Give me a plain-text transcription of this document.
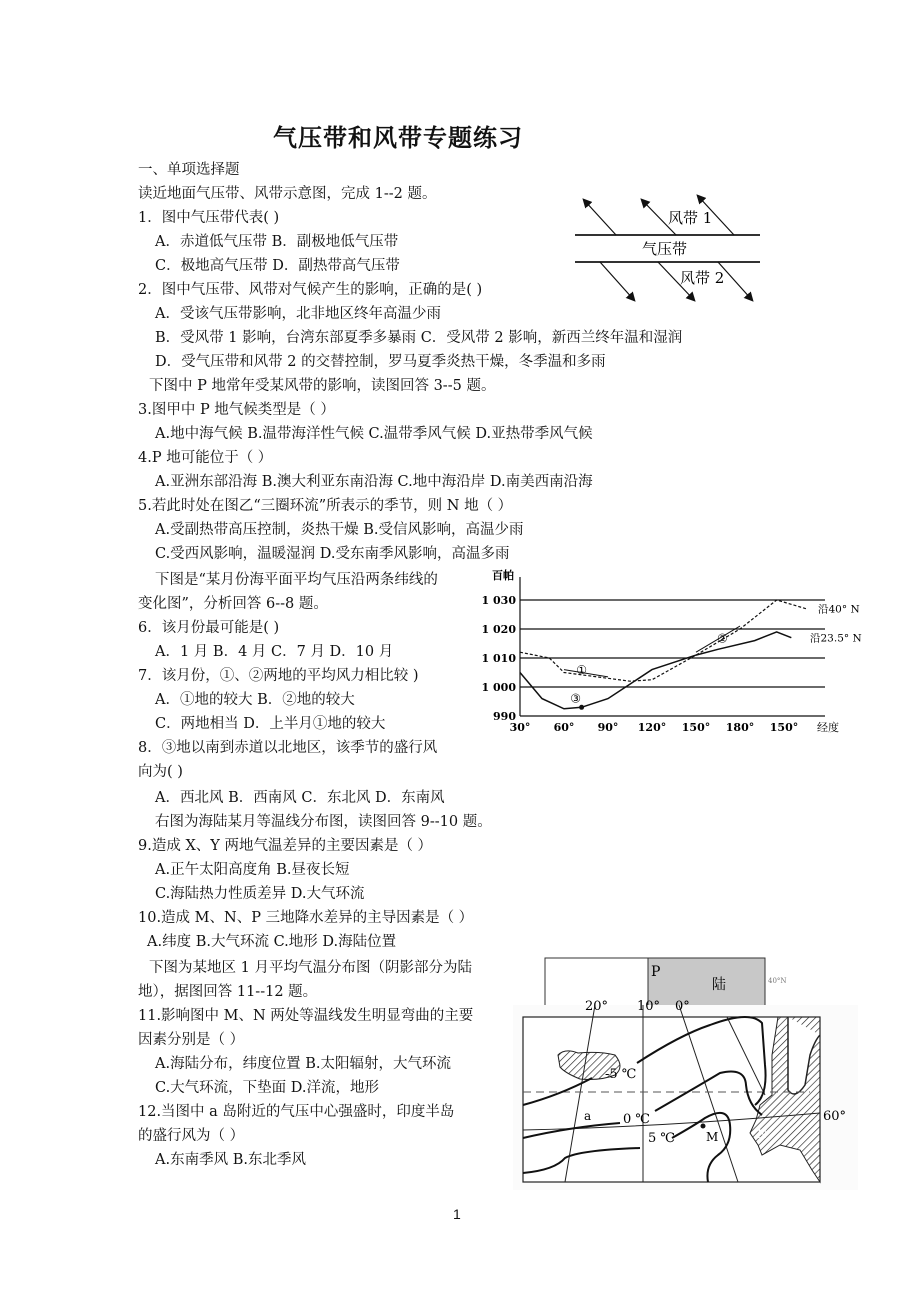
气压带和风带专题练习
一、单项选择题
读近地面气压带、风带示意图，完成 1--2 题。
1．图中气压带代表( )
A．赤道低气压带 B．副极地低气压带
C．极地高气压带 D．副热带高气压带
2．图中气压带、风带对气候产生的影响，正确的是( )
A．受该气压带影响，北非地区终年高温少雨
B．受风带 1 影响，台湾东部夏季多暴雨 C．受风带 2 影响，新西兰终年温和湿润
D．受气压带和风带 2 的交替控制，罗马夏季炎热干燥，冬季温和多雨
下图中 P 地常年受某风带的影响，读图回答 3--5 题。
3.图甲中 P 地气候类型是（ ）
A.地中海气候 B.温带海洋性气候 C.温带季风气候 D.亚热带季风气候
4.P 地可能位于（ ）
A.亚洲东部沿海 B.澳大利亚东南沿海 C.地中海沿岸 D.南美西南沿海
5.若此时处在图乙“三圈环流”所表示的季节，则 N 地（ ）
A.受副热带高压控制，炎热干燥 B.受信风影响，高温少雨
C.受西风影响，温暖湿润 D.受东南季风影响，高温多雨
下图是“某月份海平面平均气压沿两条纬线的
变化图”，分析回答 6--8 题。
6．该月份最可能是( )
A．1 月 B．4 月 C．7 月 D．10 月
7．该月份，①、②两地的平均风力相比较 )
A．①地的较大 B．②地的较大
C．两地相当 D．上半月①地的较大
8．③地以南到赤道以北地区，该季节的盛行风
向为( )
A．西北风 B．西南风 C．东北风 D．东南风
右图为海陆某月等温线分布图，读图回答 9--10 题。
9.造成 X、Y 两地气温差异的主要因素是（ ）
A.正午太阳高度角 B.昼夜长短
C.海陆热力性质差异 D.大气环流
10.造成 M、N、P 三地降水差异的主导因素是（ ）
A.纬度 B.大气环流 C.地形 D.海陆位置
下图为某地区 1 月平均气温分布图（阴影部分为陆
地），据图回答 11--12 题。
11.影响图中 M、N 两处等温线发生明显弯曲的主要
因素分别是（ ）
A.海陆分布，纬度位置 B.太阳辐射，大气环流
C.大气环流，下垫面 D.洋流，地形
12.当图中 a 岛附近的气压中心强盛时，印度半岛
的盛行风为（ ）
A.东南季风 B.东北季风
风带 1
气压带
风带 2
990
1 000
1 010
1 020
1 030
百帕
30° 60° 90° 120° 150° 180° 150° 经度
沿40° N
沿23.5° N
①
②
③
P
陆	40°N
20° 10° 0°
60°
-5 ℃
0 ℃
5 ℃
a
M	N
1
